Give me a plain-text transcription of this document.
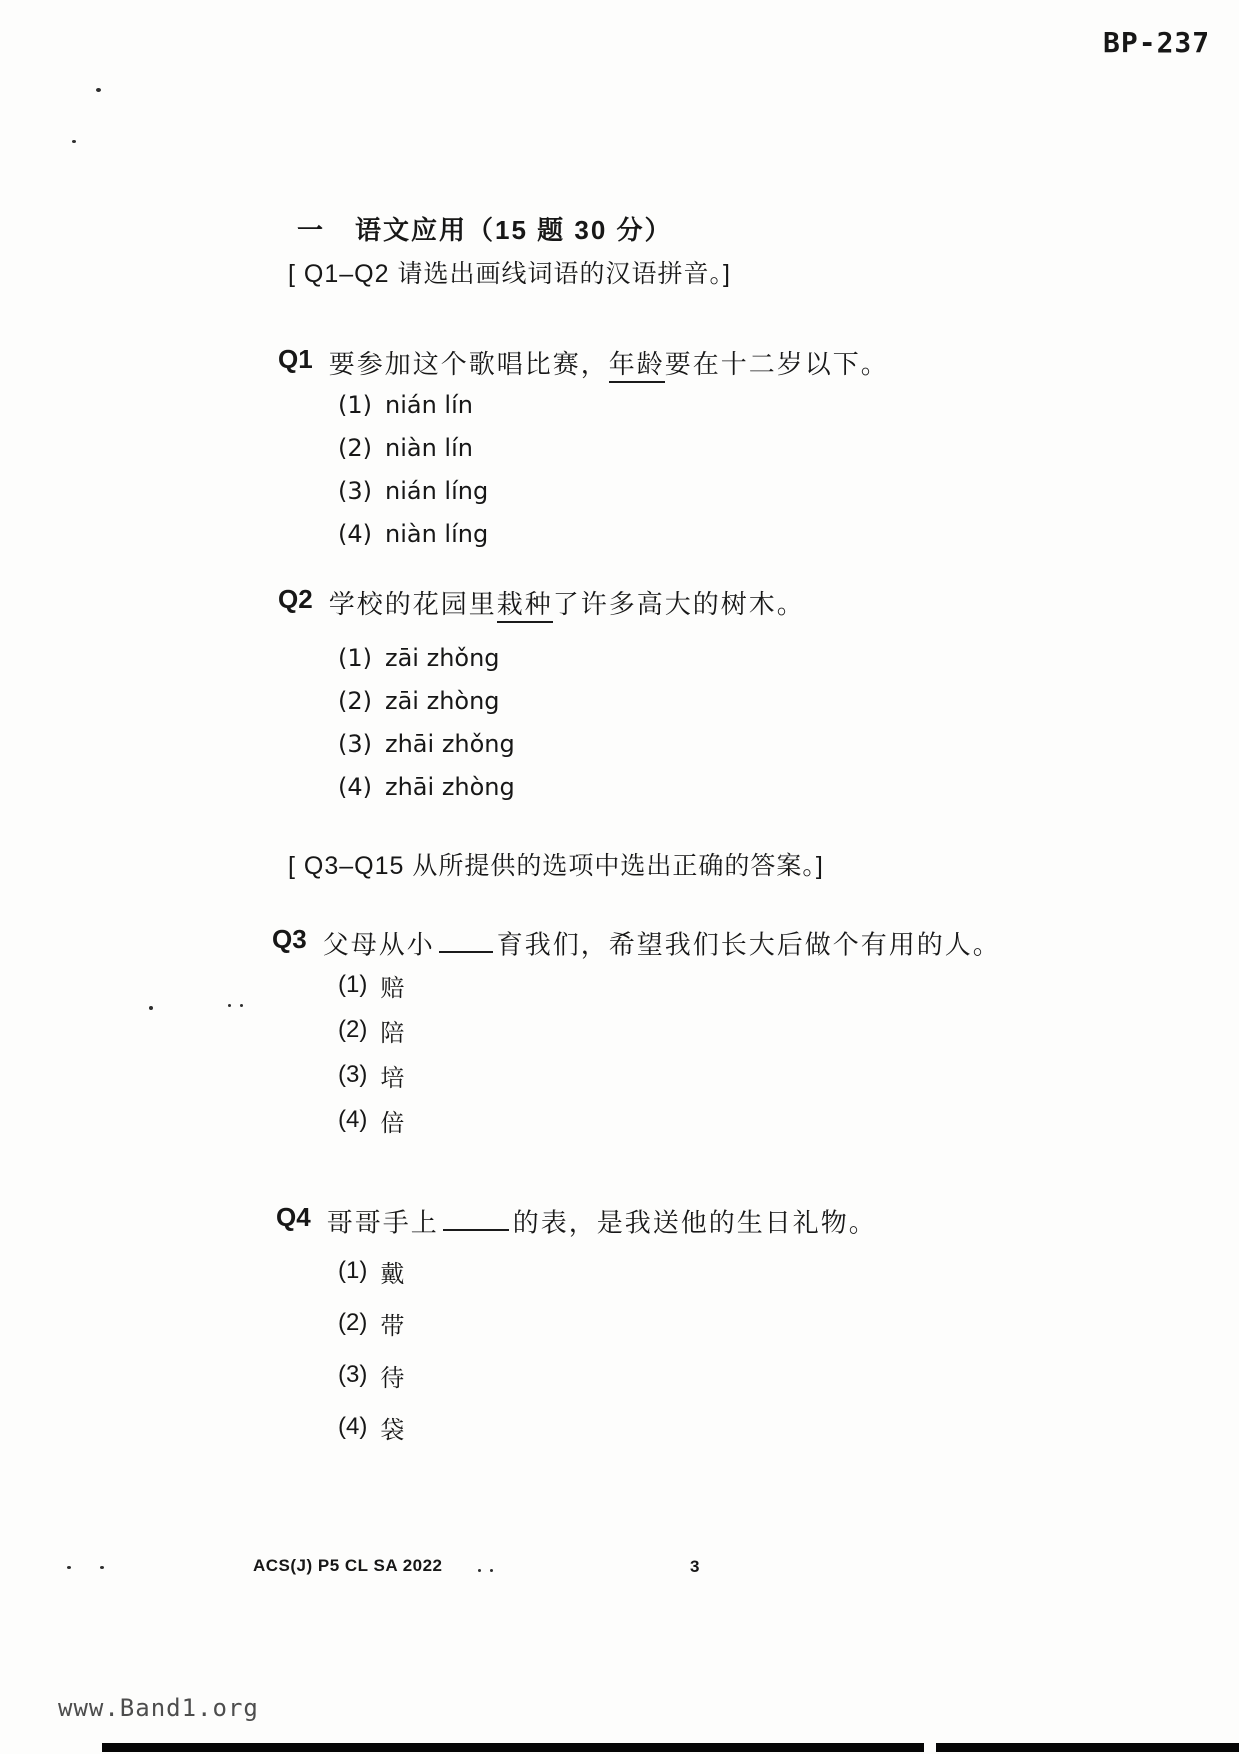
BP-237
一 语文应用（15 题 30 分）
[ Q1–Q2 请选出画线词语的汉语拼音。]
Q1 要参加这个歌唱比赛，年龄要在十二岁以下。
(1) nián lín
(2) niàn lín
(3) nián líng
(4) niàn líng
Q2 学校的花园里栽种了许多高大的树木。
(1) zāi zhǒng
(2) zāi zhòng
(3) zhāi zhǒng
(4) zhāi zhòng
[ Q3–Q15 从所提供的选项中选出正确的答案。]
Q3 父母从小 育我们，希望我们长大后做个有用的人。
(1) 赔
(2) 陪
(3) 培
(4) 倍
Q4 哥哥手上	的表，是我送他的生日礼物。
(1) 戴
(2) 带
(3) 待
(4) 袋
ACS(J) P5 CL SA 2022	3
www.Band1.org
